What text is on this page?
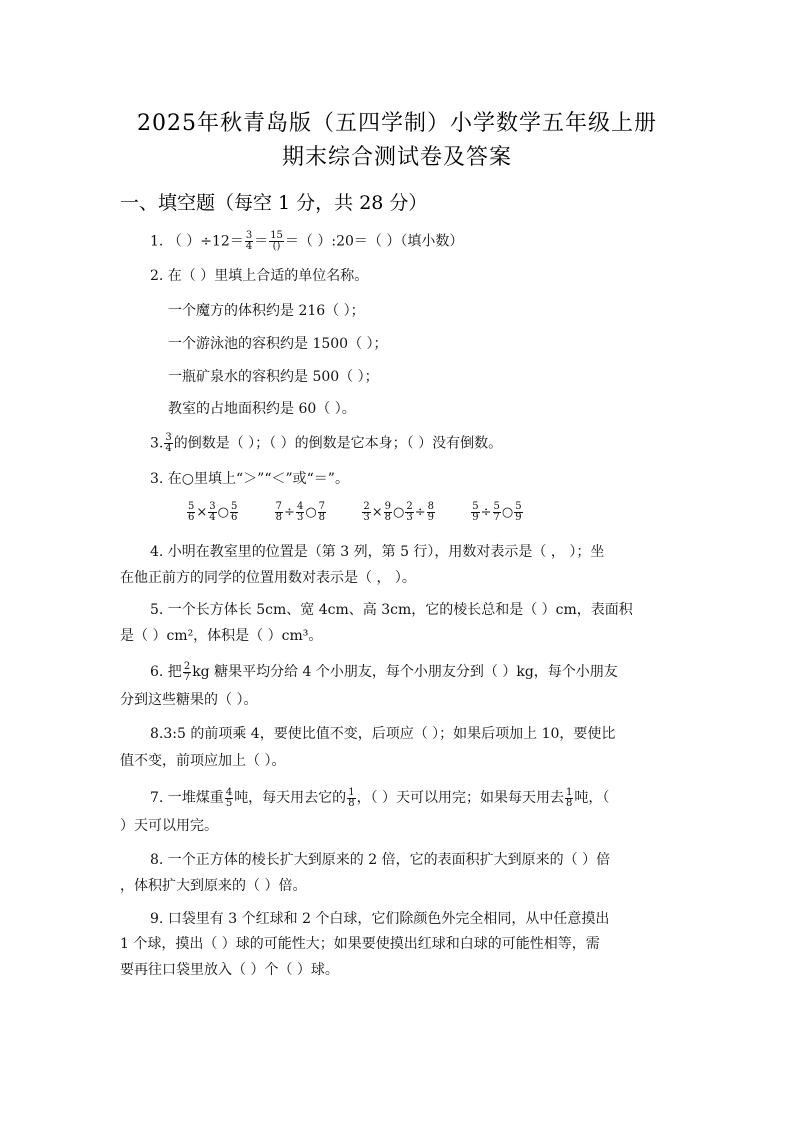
2025年秋青岛版（五四学制）小学数学五年级上册
期末综合测试卷及答案
一、填空题（每空 1 分，共 28 分）
1. （ ）$\div 12= \frac{3}{4} = \frac{15}{()}$ ＝（ ）:20＝（ ）（填小数）
2. 在（ ）里填上合适的单位名称。
一个魔方的体积约是 216（ ）；
一个游泳池的容积约是 1500（ ）；
一瓶矿泉水的容积约是 500（ ）；
教室的占地面积约是 60（ ）。
3. $\frac{3}{4}$ 的倒数是（ ）；（ ）的倒数是它本身；（ ）没有倒数。
3. 在○里填上“＞”“＜”或“＝”。
$\frac{5}{6} \times \frac{3}{4}$ ○ $\frac{5}{6}$
	$\frac{7}{8} \div \frac{4}{3}$ ○ $\frac{7}{8}$
	$\frac{2}{3} \times \frac{9}{8}$ ○ $\frac{2}{3} \div \frac{8}{9}$
	$\frac{5}{9} \div \frac{5}{7}$ ○ $\frac{5}{9}$
4. 小明在教室里的位置是（第 3 列，第 5 行），用数对表示是（ ， ）；坐
在他正前方的同学的位置用数对表示是（ ， ）。
5. 一个长方体长 5cm、宽 4cm、高 3cm，它的棱长总和是（ ）cm，表面积
是（ ）cm²，体积是（ ）cm³。
6. 把 $\frac{2}{7}$ kg 糖果平均分给 4 个小朋友，每个小朋友分到（ ）kg，每个小朋友
分到这些糖果的（ ）。
8.3:5 的前项乘 4，要使比值不变，后项应（ ）；如果后项加上 10，要使比
值不变，前项应加上（ ）。
7. 一堆煤重 $\frac{4}{5}$ 吨，每天用去它的 $\frac{1}{8}$ ，（ ）天可以用完；如果每天用去 $\frac{1}{8}$ 吨，（
）天可以用完。
8. 一个正方体的棱长扩大到原来的 2 倍，它的表面积扩大到原来的（ ）倍
，体积扩大到原来的（ ）倍。
9. 口袋里有 3 个红球和 2 个白球，它们除颜色外完全相同，从中任意摸出
1 个球，摸出（ ）球的可能性大；如果要使摸出红球和白球的可能性相等，需
要再往口袋里放入（ ）个（ ）球。
